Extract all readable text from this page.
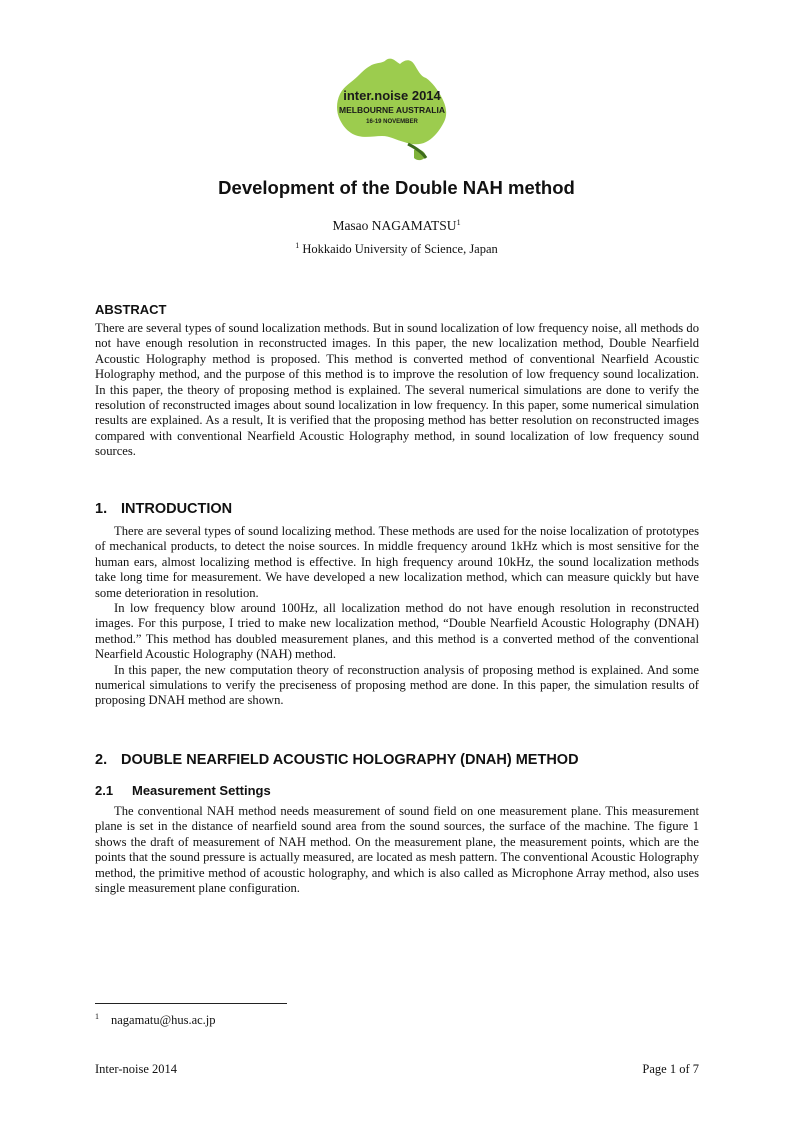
inter.noise 2014
MELBOURNE AUSTRALIA
16-19 NOVEMBER
Development of the Double NAH method
Masao NAGAMATSU$^1$
$^1$ Hokkaido University of Science, Japan
ABSTRACT

There are several types of sound localization methods. But in sound localization of low frequency noise, all methods do not have enough resolution in reconstructed images. In this paper, the new localization method, Double Nearfield Acoustic Holography method is proposed. This method is converted method of conventional Nearfield Acoustic Holography method, and the purpose of this method is to improve the resolution of low frequency sound localization. In this paper, the theory of proposing method is explained. The several numerical simulations are done to verify the resolution of reconstructed images about sound localization in low frequency. In this paper, some numerical simulation results are explained. As a result, It is verified that the proposing method has better resolution on reconstructed images compared with conventional Nearfield Acoustic Holography method, in sound localization of low frequency sound sources.

1. INTRODUCTION

There are several types of sound localizing method. These methods are used for the noise localization of prototypes of mechanical products, to detect the noise sources. In middle frequency around 1kHz which is most sensitive for the human ears, almost localizing method is effective. In high frequency around 10kHz, the sound localization methods take long time for measurement. We have developed a new localization method, which can measure quickly but have some deterioration in resolution.

In low frequency blow around 100Hz, all localization method do not have enough resolution in reconstructed images. For this purpose, I tried to make new localization method, “Double Nearfield Acoustic Holography (DNAH) method.” This method has doubled measurement planes, and this method is a converted method of the conventional Nearfield Acoustic Holography (NAH) method.

In this paper, the new computation theory of reconstruction analysis of proposing method is explained. And some numerical simulations to verify the preciseness of proposing method are done. In this paper, the simulation results of proposing DNAH method are shown.

2. DOUBLE NEARFIELD ACOUSTIC HOLOGRAPHY (DNAH) METHOD
2.1 Measurement Settings

The conventional NAH method needs measurement of sound field on one measurement plane. This measurement plane is set in the distance of nearfield sound area from the sound sources, the surface of the machine. The figure 1 shows the draft of measurement of NAH method. On the measurement plane, the measurement points, which are the points that the sound pressure is actually measured, are located as mesh pattern. The conventional Acoustic Holography method, the primitive method of acoustic holography, and which is also called as Microphone Array method, also uses single measurement plane configuration.

$^1$ nagamatu@hus.ac.jp
Inter-noise 2014	Page 1 of 7
